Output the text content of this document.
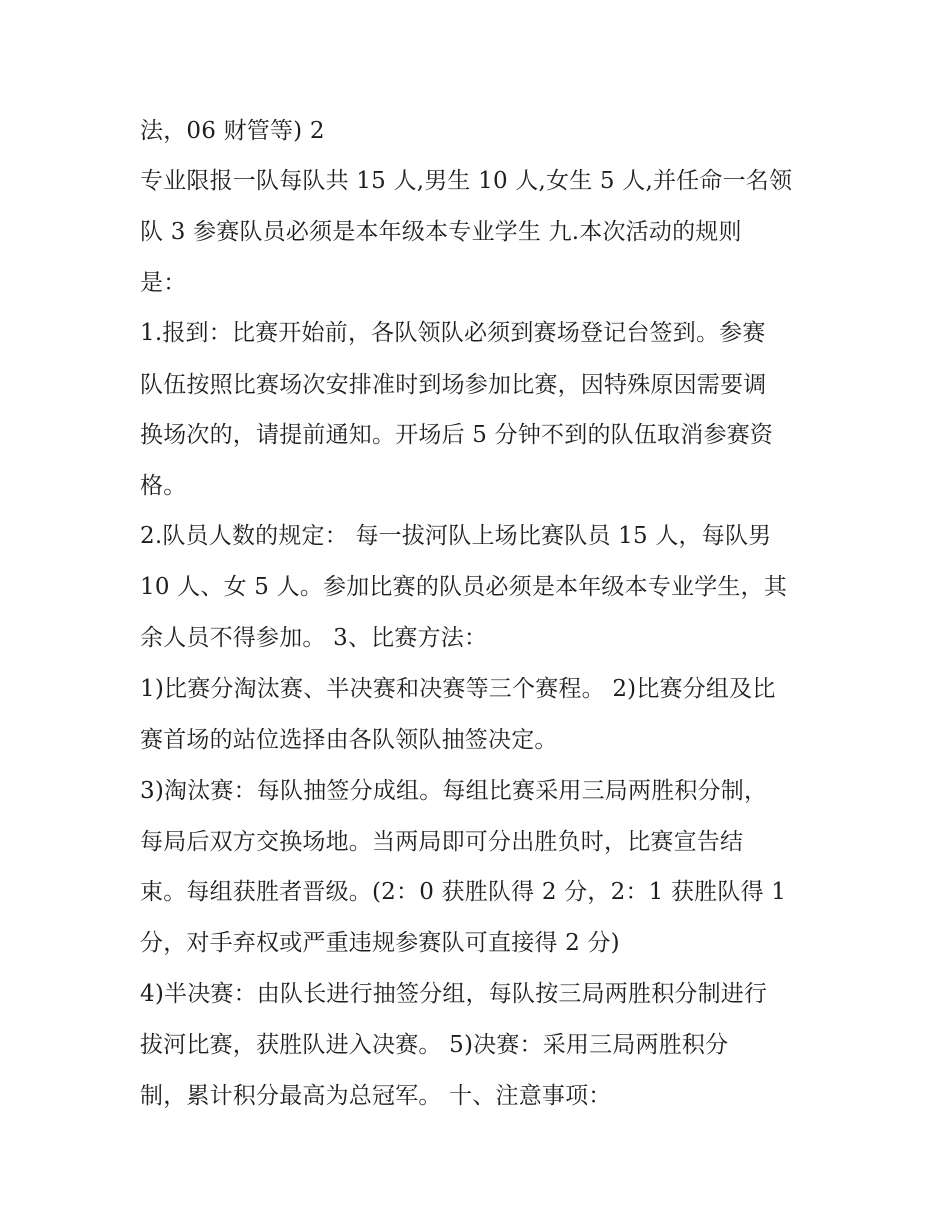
法，06 财管等) 2

专业限报一队每队共 15 人,男生 10 人,女生 5 人,并任命一名领

队 3 参赛队员必须是本年级本专业学生 九.本次活动的规则

是：

1.报到：比赛开始前，各队领队必须到赛场登记台签到。参赛

队伍按照比赛场次安排准时到场参加比赛，因特殊原因需要调

换场次的，请提前通知。开场后 5 分钟不到的队伍取消参赛资

格。

2.队员人数的规定： 每一拔河队上场比赛队员 15 人，每队男

10 人、女 5 人。参加比赛的队员必须是本年级本专业学生，其

余人员不得参加。 3、比赛方法：

1)比赛分淘汰赛、半决赛和决赛等三个赛程。 2)比赛分组及比

赛首场的站位选择由各队领队抽签决定。

3)淘汰赛：每队抽签分成组。每组比赛采用三局两胜积分制，

每局后双方交换场地。当两局即可分出胜负时，比赛宣告结

束。每组获胜者晋级。(2：0 获胜队得 2 分，2：1 获胜队得 1

分，对手弃权或严重违规参赛队可直接得 2 分)

4)半决赛：由队长进行抽签分组，每队按三局两胜积分制进行

拔河比赛，获胜队进入决赛。 5)决赛：采用三局两胜积分

制，累计积分最高为总冠军。 十、注意事项：
